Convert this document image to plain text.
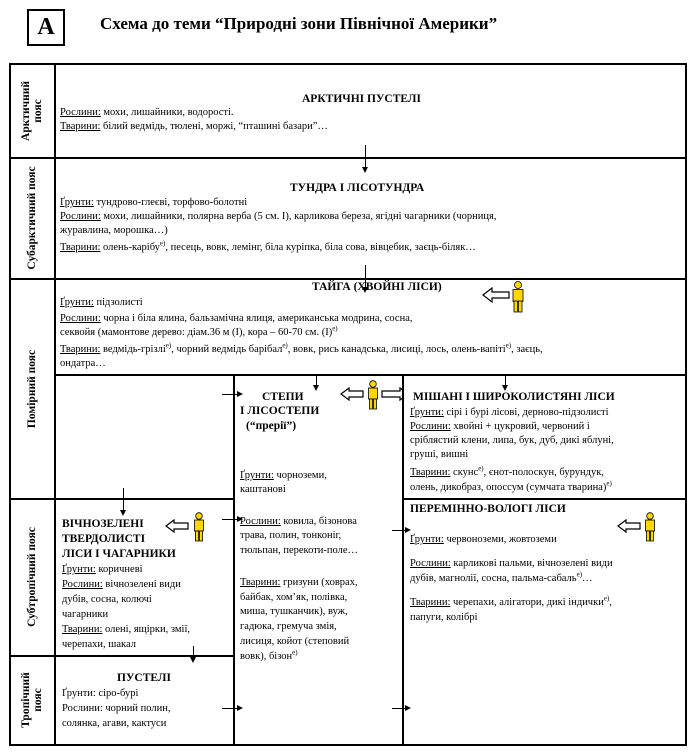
А	Схема до теми “Природні зони Північної Америки”
Арктичний пояс
Субарктичний пояс
Помірний пояс
Субтропічний пояс
Тропічний пояс
АРКТИЧНІ ПУСТЕЛІ
Рослини: мохи, лишайники, водорості.
Тварини: білий ведмідь, тюлені, моржі, “пташині базари”…
ТУНДРА І ЛІСОТУНДРА
Ґрунти: тундрово-глеєві, торфово-болотні
Рослини: мохи, лишайники, полярна верба (5 см. І), карликова береза, ягідні чагарники (чорниця,
журавлина, морошка…)
Тварини: олень-карібу$^{е)}$, песець, вовк, лемінг, біла курiпка, біла сова, вівцебик, заєць-біляк…
ТАЙГА (ХВОЙНІ ЛІСИ)
Ґрунти: підзолисті
Рослини: чорна і біла ялина, бальзамічна ялиця, американська модрина, сосна,
секвойя (мамонтове дерево: діам.36 м (І), кора – 60-70 см. $(І)^{е)}$
Тварини: ведмідь-грізлі$^{е)}$, чорний ведмідь барібал$^{е)}$, вовк, рись канадська, лисиці, лось, олень-вапіті$^{е)}$, заєць,
ондатра…
СТЕПИ
І ЛІСОСТЕПИ
(“прерії”)
Ґрунти: чорноземи,
каштанові
Рослини: ковила, бізонова
трава, полин, тонконіг,
тюльпан, перекоти-поле…
Тварини: гризуни (ховрах,
байбак, хом’як, полівка,
миша, тушканчик), вуж,
гадюка, гремуча змія,
лисиця, койот (степовий
вовк), бізон$^{е)}$
МІШАНІ І ШИРОКОЛИСТЯНІ ЛІСИ
Ґрунти: сірі і бурі лісові, дерново-підзолисті
Рослини: хвойні + цукровий, червоний і
сріблястий клени, липа, бук, дуб, дикі яблуні,
груші, вишні
Тварини: скунс$^{е)}$, єнот-полоскун, бурундук,
олень, дикобраз, опосcум (сумчата тварина)$^{е)}$
ВІЧНОЗЕЛЕНІ
ТВЕРДОЛИСТІ
ЛІСИ І ЧАГАРНИКИ
Ґрунти: коричневі
Рослини: вічнозелені види
дубів, сосна, колючі
чагарники
Тварини: олені, ящірки, змії,
черепахи, шакал
ПЕРЕМІННО-ВОЛОГІ ЛІСИ
Ґрунти: червоноземи, жовтоземи
Рослини: карликові пальми, вічнозелені види
дубів, магнолії, сосна, пальма-сабаль$^{е)}$…
Тварини: черепахи, алігатори, дикі індички$^{е)}$,
папуги, колібрі
ПУСТЕЛІ
Ґрунти: сіро-бурі
Рослини: чорний полин,
солянка, агави, кактуси
